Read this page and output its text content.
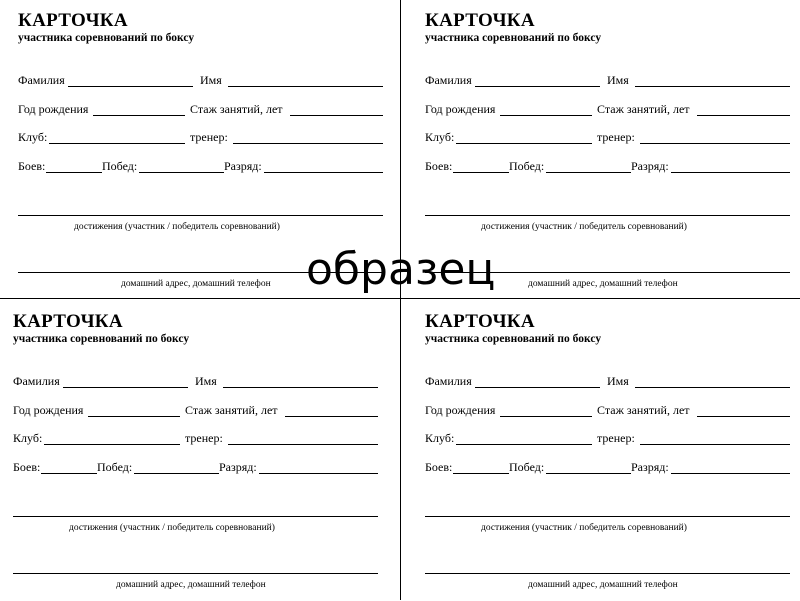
КАРТОЧКА
участника соревнований по боксу
Фамилия	Имя
Год рождения	Стаж занятий, лет
Клуб:	тренер:
Боев:	Побед:	Разряд:
достижения (участник / победитель соревнований)
домашний адрес, домашний телефон
КАРТОЧКА
участника соревнований по боксу
Фамилия	Имя
Год рождения	Стаж занятий, лет
Клуб:	тренер:
Боев:	Побед:	Разряд:
достижения (участник / победитель соревнований)
домашний адрес, домашний телефон
КАРТОЧКА
участника соревнований по боксу
Фамилия	Имя
Год рождения	Стаж занятий, лет
Клуб:	тренер:
Боев:	Побед:	Разряд:
достижения (участник / победитель соревнований)
домашний адрес, домашний телефон
КАРТОЧКА
участника соревнований по боксу
Фамилия	Имя
Год рождения	Стаж занятий, лет
Клуб:	тренер:
Боев:	Побед:	Разряд:
достижения (участник / победитель соревнований)
домашний адрес, домашний телефон
образец
